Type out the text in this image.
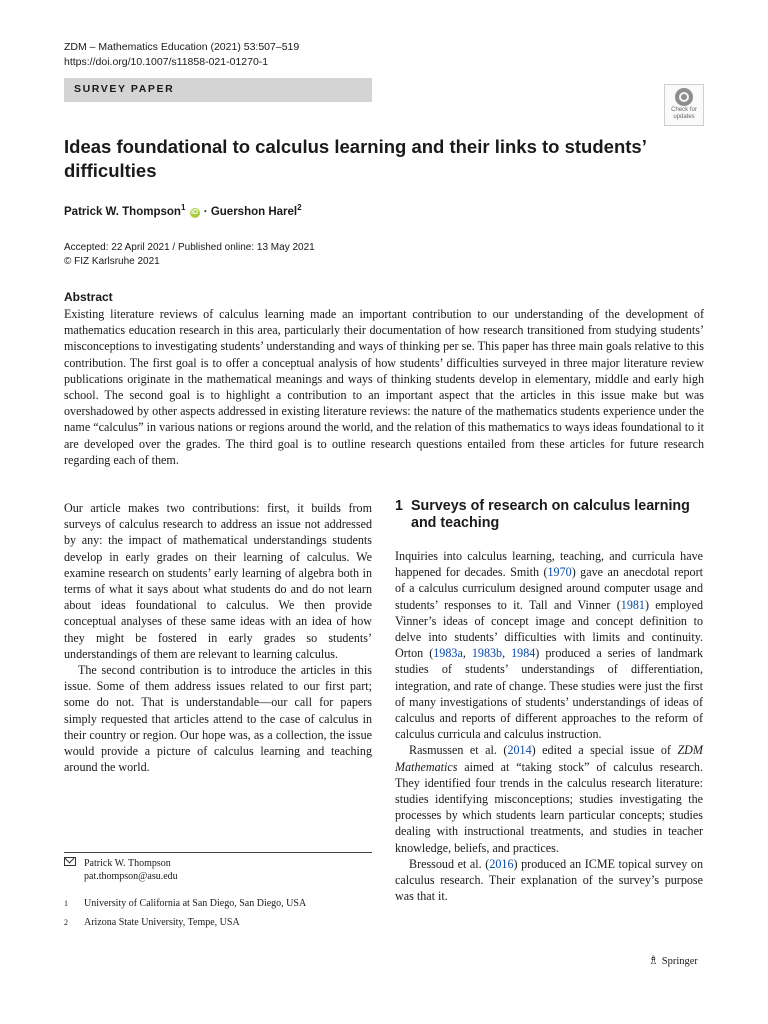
ZDM – Mathematics Education (2021) 53:507–519
https://doi.org/10.1007/s11858-021-01270-1
SURVEY PAPER
Check for updates
Ideas foundational to calculus learning and their links to students’ difficulties
Patrick W. Thompson$^1$ iD · Guershon Harel$^2$
Accepted: 22 April 2021 / Published online: 13 May 2021
© FIZ Karlsruhe 2021
Abstract
Existing literature reviews of calculus learning made an important contribution to our understanding of the development of mathematics education research in this area, particularly their documentation of how research transitioned from studying students’ misconceptions to investigating students’ understanding and ways of thinking per se. This paper has three main goals relative to this contribution. The first goal is to offer a conceptual analysis of how students’ difficulties surveyed in three major literature review publications originate in the mathematical meanings and ways of thinking students develop in elementary, middle and early high school. The second goal is to highlight a contribution to an important aspect that the articles in this issue make but was overshadowed by other aspects addressed in existing literature reviews: the nature of the mathematics students experience under the name “calculus” in various nations or regions around the world, and the relation of this mathematics to ways ideas foundational to it are developed over the grades. The third goal is to outline research questions entailed from these articles for future research regarding each of them.

Our article makes two contributions: first, it builds from surveys of calculus research to address an issue not addressed by any: the impact of mathematical understandings students develop in early grades on their learning of calculus. We examine research on students’ early learning of algebra both in terms of what it says about what students do and do not learn about ideas foundational to calculus. We then provide conceptual analyses of these same ideas with an idea of how they might be fostered in early grades so students’ understandings of them are relevant to learning calculus.

The second contribution is to introduce the articles in this issue. Some of them address issues related to our first part; some do not. That is understandable—our call for papers simply requested that articles attend to the case of calculus in their country or region. Our hope was, as a collection, the issue would provide a picture of calculus learning and teaching around the world.

1 Surveys of research on calculus learning and teaching

Inquiries into calculus learning, teaching, and curricula have happened for decades. Smith (1970) gave an anecdotal report of a calculus curriculum designed around computer usage and students’ responses to it. Tall and Vinner (1981) employed Vinner’s ideas of concept image and concept definition to delve into students’ difficulties with limits and continuity. Orton (1983a, 1983b, 1984) produced a series of landmark studies of students’ understandings of differentiation, integration, and rate of change. These studies were just the first of many investigations of students’ understandings of ideas of calculus and reports of different approaches to the reform of calculus curricula and calculus instruction.

Rasmussen et al. (2014) edited a special issue of ZDM Mathematics aimed at “taking stock” of calculus research. They identified four trends in the calculus research literature: studies identifying misconceptions; studies investigating the processes by which students learn particular concepts; studies dealing with instructional treatments, and studies in teacher knowledge, beliefs, and practices.

Bressoud et al. (2016) produced an ICME topical survey on calculus research. Their explanation of the survey’s purpose was that it.

Patrick W. Thompson
pat.thompson@asu.edu
1 University of California at San Diego, San Diego, USA
2 Arizona State University, Tempe, USA
♗ Springer
